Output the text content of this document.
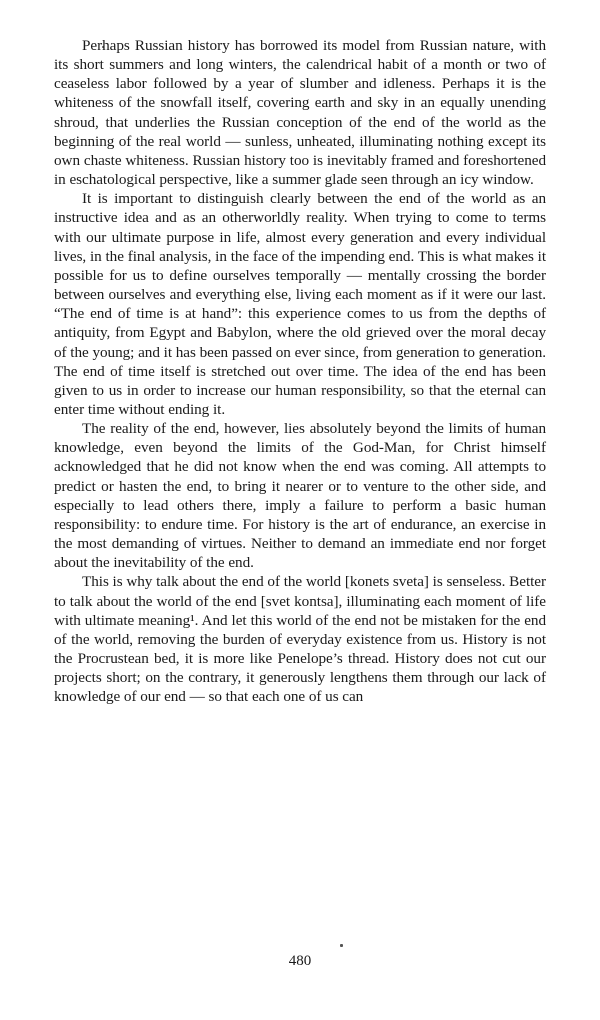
Perhaps Russian history has borrowed its model from Russian nature, with its short summers and long winters, the calendrical habit of a month or two of ceaseless labor followed by a year of slumber and idleness. Perhaps it is the whiteness of the snowfall itself, covering earth and sky in an equally unending shroud, that underlies the Russian conception of the end of the world as the beginning of the real world — sunless, unheated, illuminating nothing except its own chaste whiteness. Russian history too is inevitably framed and foreshortened in eschatological perspective, like a summer glade seen through an icy window.

It is important to distinguish clearly between the end of the world as an instructive idea and as an otherworldly reality. When trying to come to terms with our ultimate purpose in life, almost every generation and every individual lives, in the final analysis, in the face of the impending end. This is what makes it possible for us to define ourselves temporally — mentally crossing the border between ourselves and everything else, living each moment as if it were our last. “The end of time is at hand”: this experience comes to us from the depths of antiquity, from Egypt and Babylon, where the old grieved over the moral decay of the young; and it has been passed on ever since, from generation to generation. The end of time itself is stretched out over time. The idea of the end has been given to us in order to increase our human responsibility, so that the eternal can enter time without ending it.

The reality of the end, however, lies absolutely beyond the limits of human knowledge, even beyond the limits of the God-Man, for Christ himself acknowledged that he did not know when the end was coming. All attempts to predict or hasten the end, to bring it nearer or to venture to the other side, and especially to lead others there, imply a failure to perform a basic human responsibility: to endure time. For history is the art of endurance, an exercise in the most demanding of virtues. Neither to demand an immediate end nor forget about the inevitability of the end.

This is why talk about the end of the world [konets sveta] is senseless. Better to talk about the world of the end [svet kontsa], illuminating each moment of life with ultimate meaning¹. And let this world of the end not be mistaken for the end of the world, removing the burden of everyday existence from us. History is not the Procrustean bed, it is more like Penelope’s thread. History does not cut our projects short; on the contrary, it generously lengthens them through our lack of knowledge of our end — so that each one of us can

480
